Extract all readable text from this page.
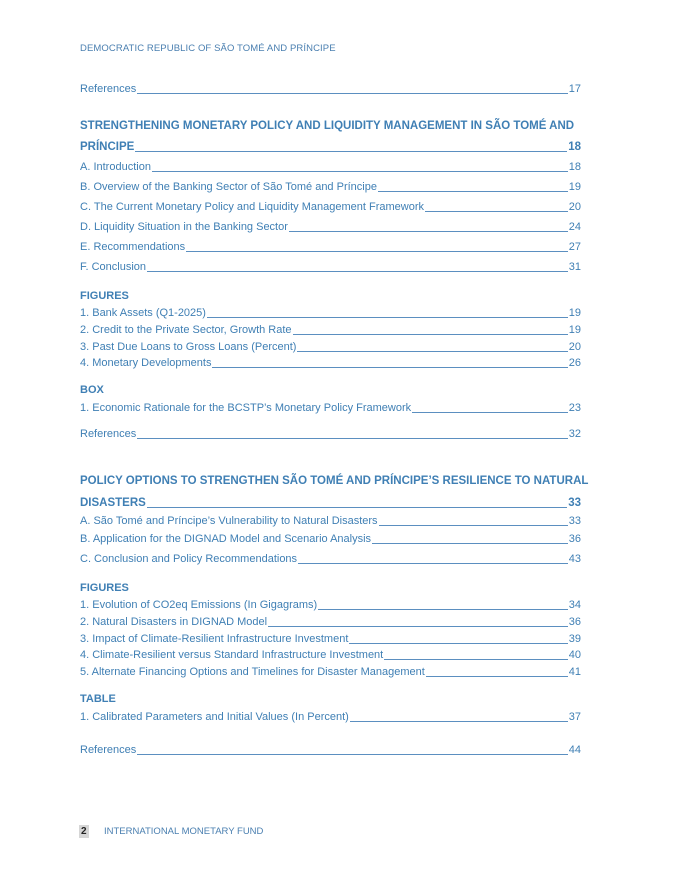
DEMOCRATIC REPUBLIC OF SÃO TOMÉ AND PRÍNCIPE
References	17
STRENGTHENING MONETARY POLICY AND LIQUIDITY MANAGEMENT IN SÃO TOMÉ AND
PRÍNCIPE	18
A. Introduction	18
B. Overview of the Banking Sector of São Tomé and Príncipe	19
C. The Current Monetary Policy and Liquidity Management Framework	20
D. Liquidity Situation in the Banking Sector	24
E. Recommendations	27
F. Conclusion	31
FIGURES
1. Bank Assets (Q1-2025)	19
2. Credit to the Private Sector, Growth Rate	19
3. Past Due Loans to Gross Loans (Percent)	20
4. Monetary Developments	26
BOX
1. Economic Rationale for the BCSTP’s Monetary Policy Framework	23
References	32
POLICY OPTIONS TO STRENGTHEN SÃO TOMÉ AND PRÍNCIPE’S RESILIENCE TO NATURAL
DISASTERS	33
A. São Tomé and Príncipe’s Vulnerability to Natural Disasters	33
B. Application for the DIGNAD Model and Scenario Analysis	36
C. Conclusion and Policy Recommendations	43
FIGURES
1. Evolution of CO2eq Emissions (In Gigagrams)	34
2. Natural Disasters in DIGNAD Model	36
3. Impact of Climate-Resilient Infrastructure Investment	39
4. Climate-Resilient versus Standard Infrastructure Investment	40
5. Alternate Financing Options and Timelines for Disaster Management	41
TABLE
1. Calibrated Parameters and Initial Values (In Percent)	37
References	44
2 INTERNATIONAL MONETARY FUND
